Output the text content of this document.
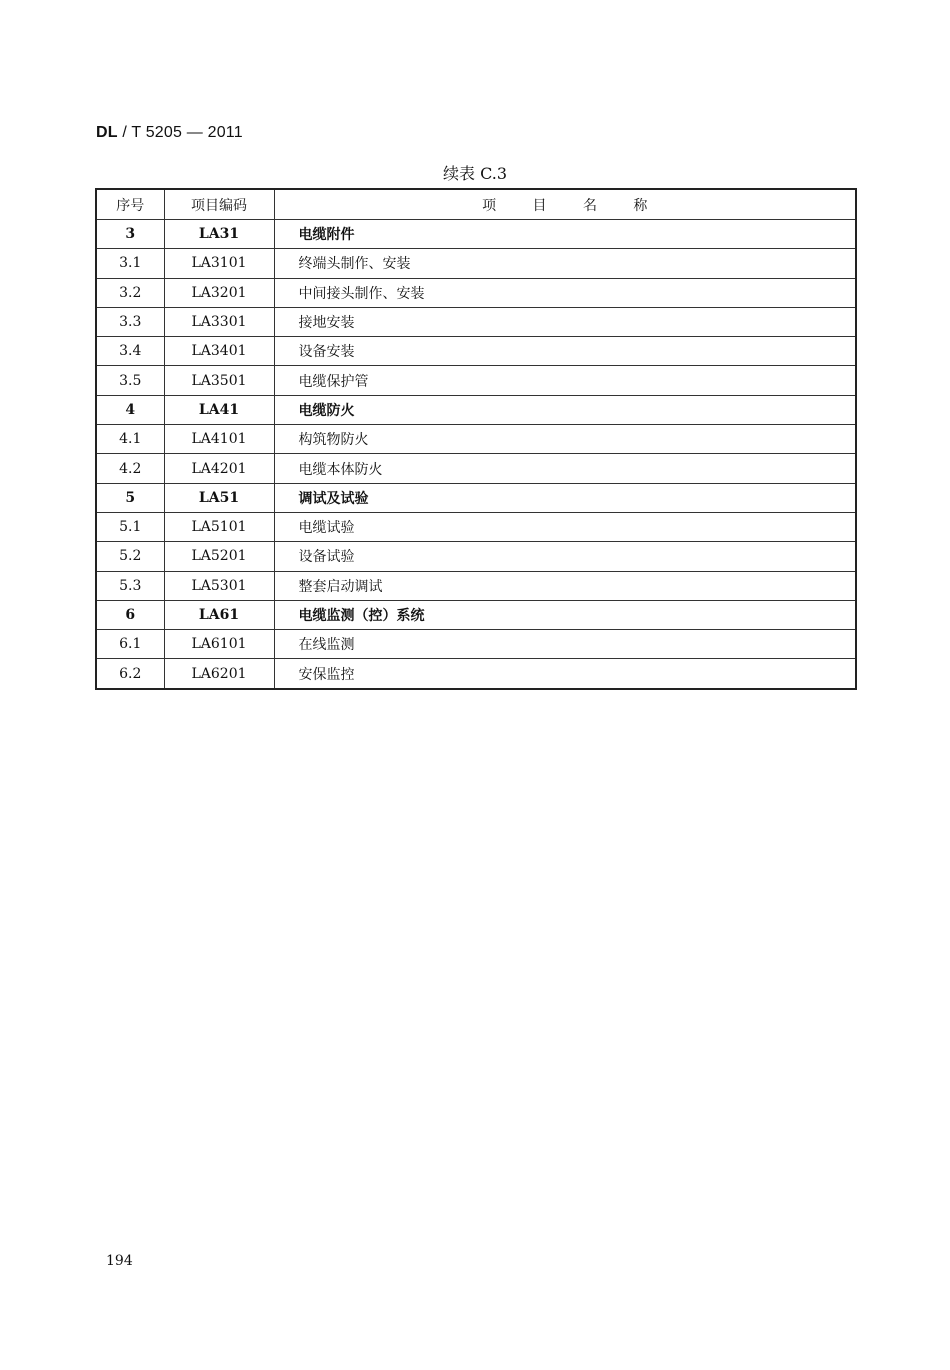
DL / T 5205 — 2011
续表 C.3
序号	项目编码	项 目 名 称
3	LA31	电缆附件
3.1	LA3101	终端头制作、安装
3.2	LA3201	中间接头制作、安装
3.3	LA3301	接地安装
3.4	LA3401	设备安装
3.5	LA3501	电缆保护管
4	LA41	电缆防火
4.1	LA4101	构筑物防火
4.2	LA4201	电缆本体防火
5	LA51	调试及试验
5.1	LA5101	电缆试验
5.2	LA5201	设备试验
5.3	LA5301	整套启动调试
6	LA61	电缆监测（控）系统
6.1	LA6101	在线监测
6.2	LA6201	安保监控
194
